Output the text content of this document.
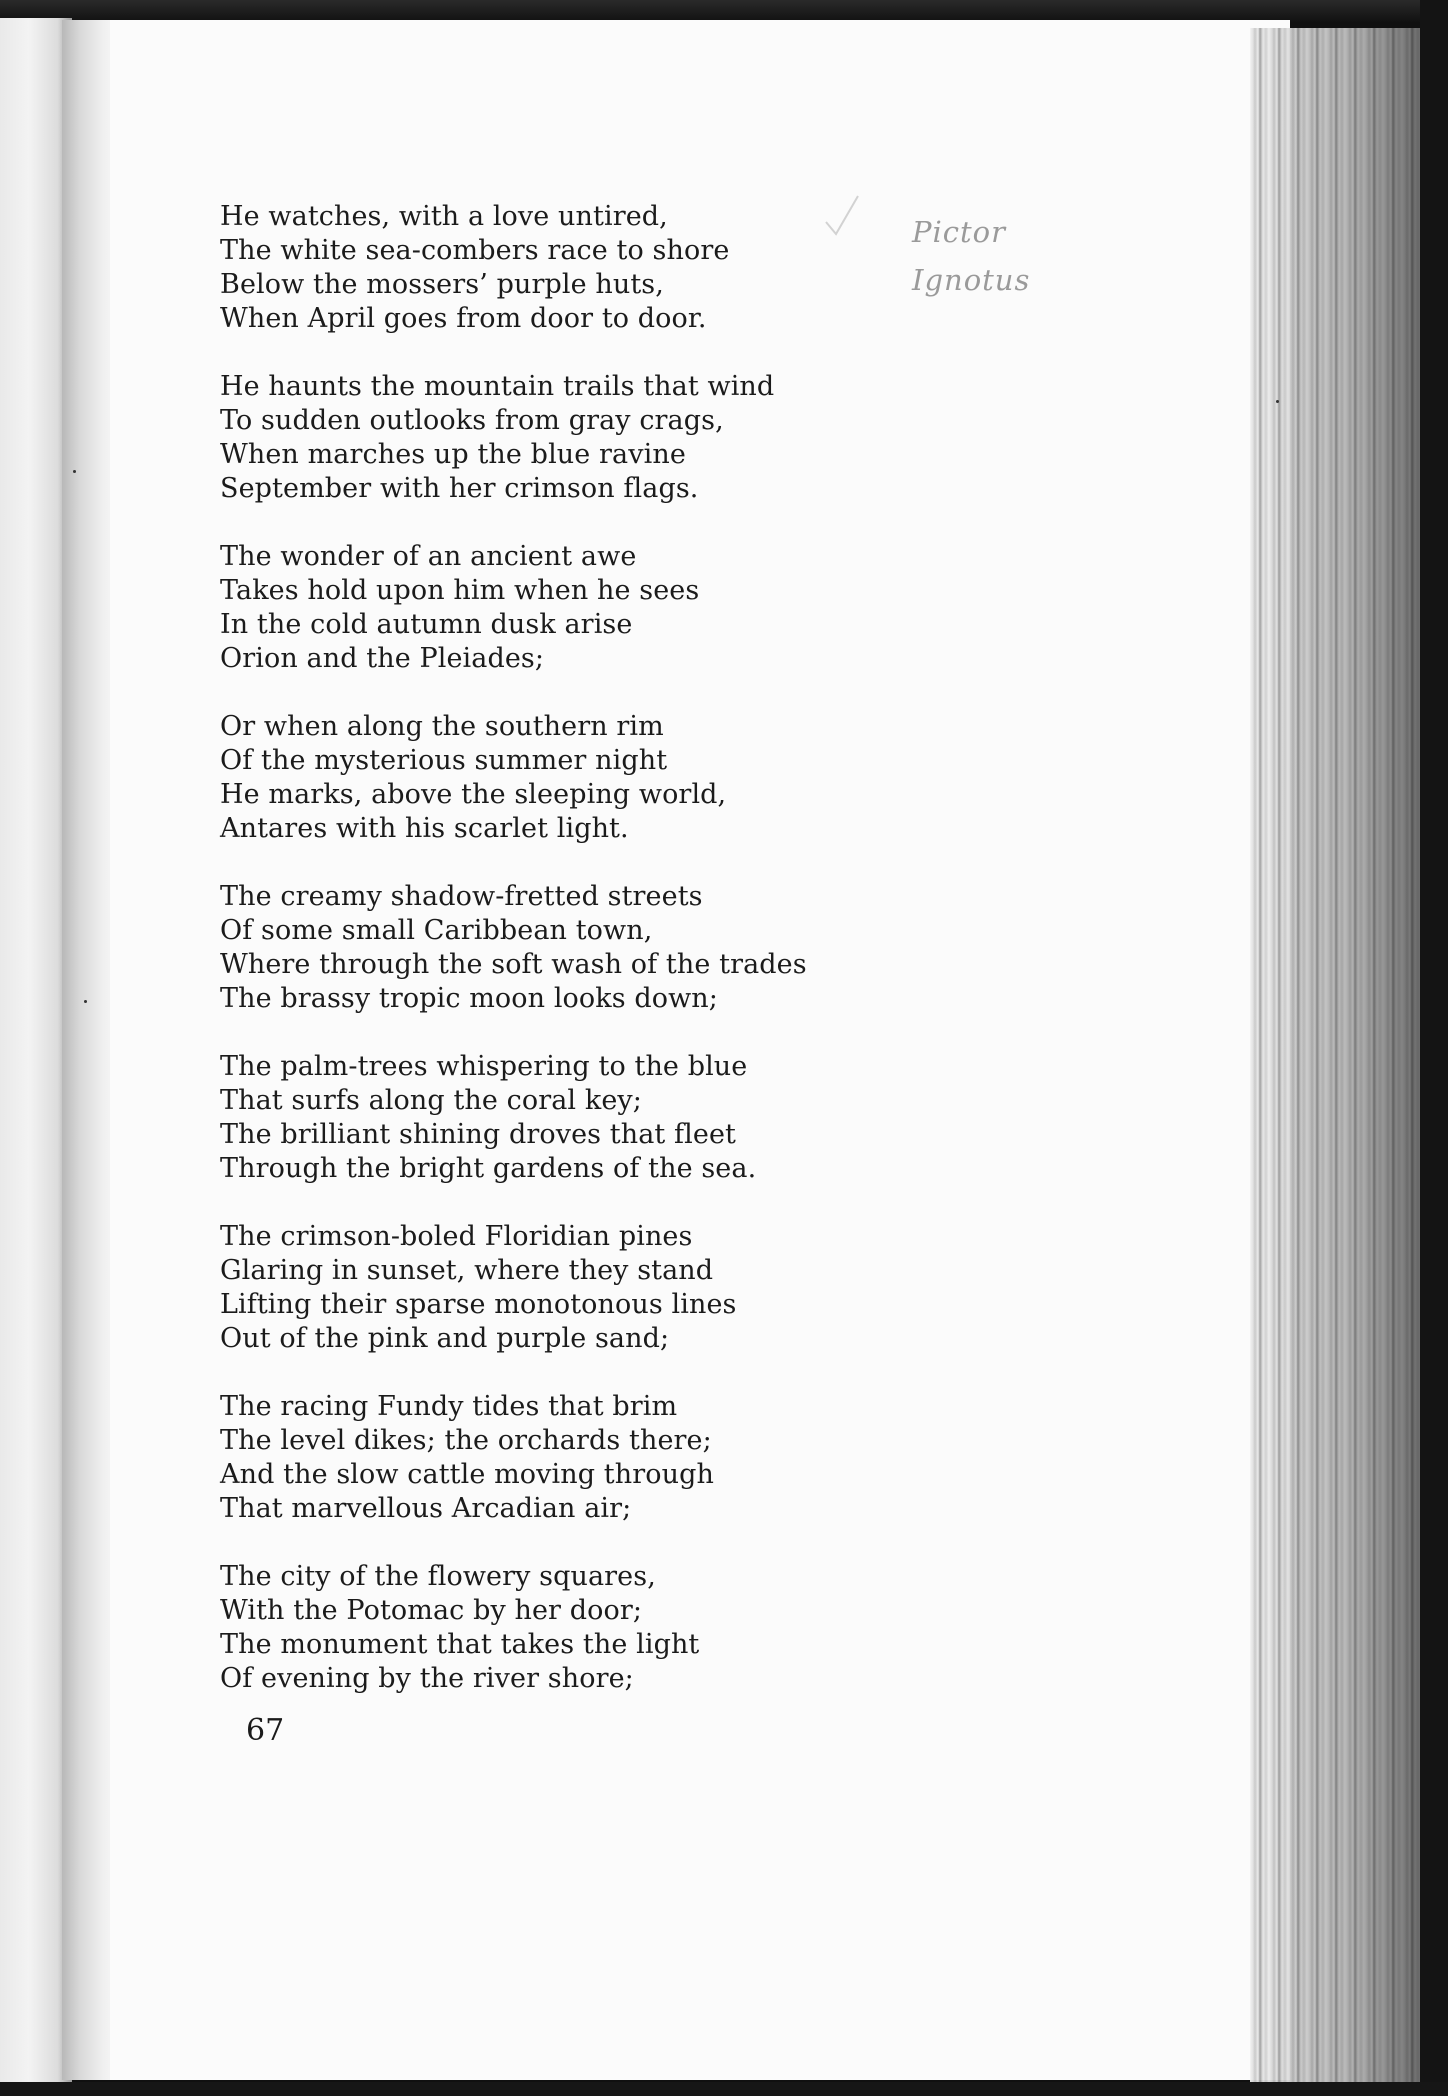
Pictor
Ignotus
He watches, with a love untired,
The white sea-combers race to shore
Below the mossers’ purple huts,
When April goes from door to door.
He haunts the mountain trails that wind
To sudden outlooks from gray crags,
When marches up the blue ravine
September with her crimson flags.
The wonder of an ancient awe
Takes hold upon him when he sees
In the cold autumn dusk arise
Orion and the Pleiades;
Or when along the southern rim
Of the mysterious summer night
He marks, above the sleeping world,
Antares with his scarlet light.
The creamy shadow-fretted streets
Of some small Caribbean town,
Where through the soft wash of the trades
The brassy tropic moon looks down;
The palm-trees whispering to the blue
That surfs along the coral key;
The brilliant shining droves that fleet
Through the bright gardens of the sea.
The crimson-boled Floridian pines
Glaring in sunset, where they stand
Lifting their sparse monotonous lines
Out of the pink and purple sand;
The racing Fundy tides that brim
The level dikes; the orchards there;
And the slow cattle moving through
That marvellous Arcadian air;
The city of the flowery squares,
With the Potomac by her door;
The monument that takes the light
Of evening by the river shore;
67
